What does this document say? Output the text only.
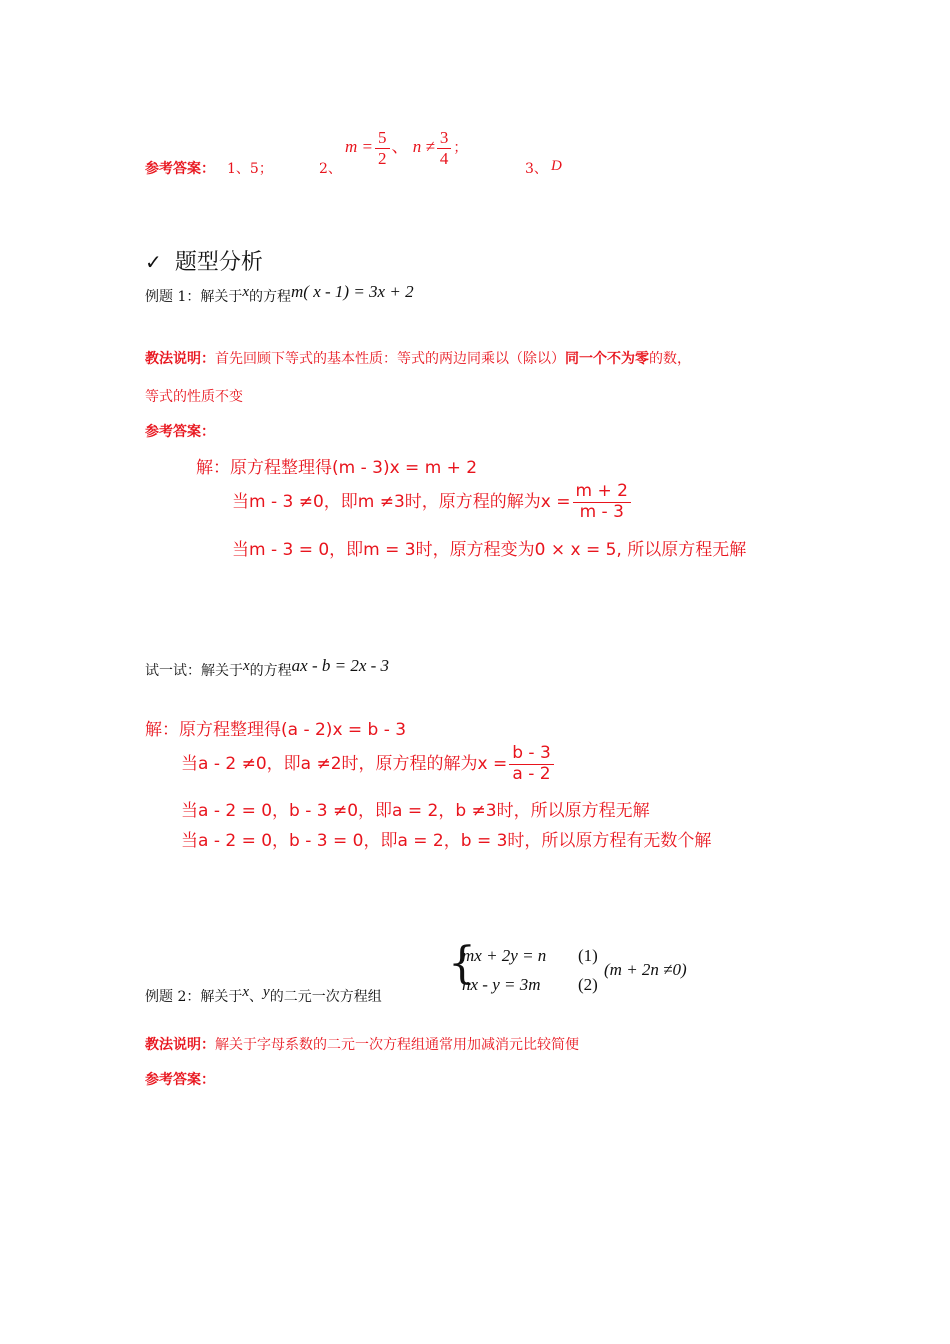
参考答案： 1、5；	2、
$m = \frac{5}{2}$ 、 $n \ne \frac{3}{4}$ ；
3、 D
✓ 题型分析
例题 1：解关于x的方程m( x - 1) = 3x + 2
教法说明：首先回顾下等式的基本性质：等式的两边同乘以（除以）同一个不为零的数，
等式的性质不变
参考答案：
解：原方程整理得(m - 3)x = m + 2
当m - 3 ≠0，即m ≠3时，原方程的解为$x = \frac{m + 2}{m - 3}$
当m - 3 = 0，即m = 3时，原方程变为0 × x = 5, 所以原方程无解
试一试：解关于x的方程ax - b = 2x - 3
解：原方程整理得(a - 2)x = b - 3
当a - 2 ≠0，即a ≠2时，原方程的解为$x = \frac{b - 3}{a - 2}$
当a - 2 = 0，b - 3 ≠0，即a = 2，b ≠3时，所以原方程无解
当a - 2 = 0，b - 3 = 0，即a = 2，b = 3时，所以原方程有无数个解
例题 2：解关于x、y的二元一次方程组
{
mx + 2y = n (1)
nx - y = 3m (2)
(m + 2n ≠0)
教法说明：解关于字母系数的二元一次方程组通常用加减消元比较简便
参考答案：
